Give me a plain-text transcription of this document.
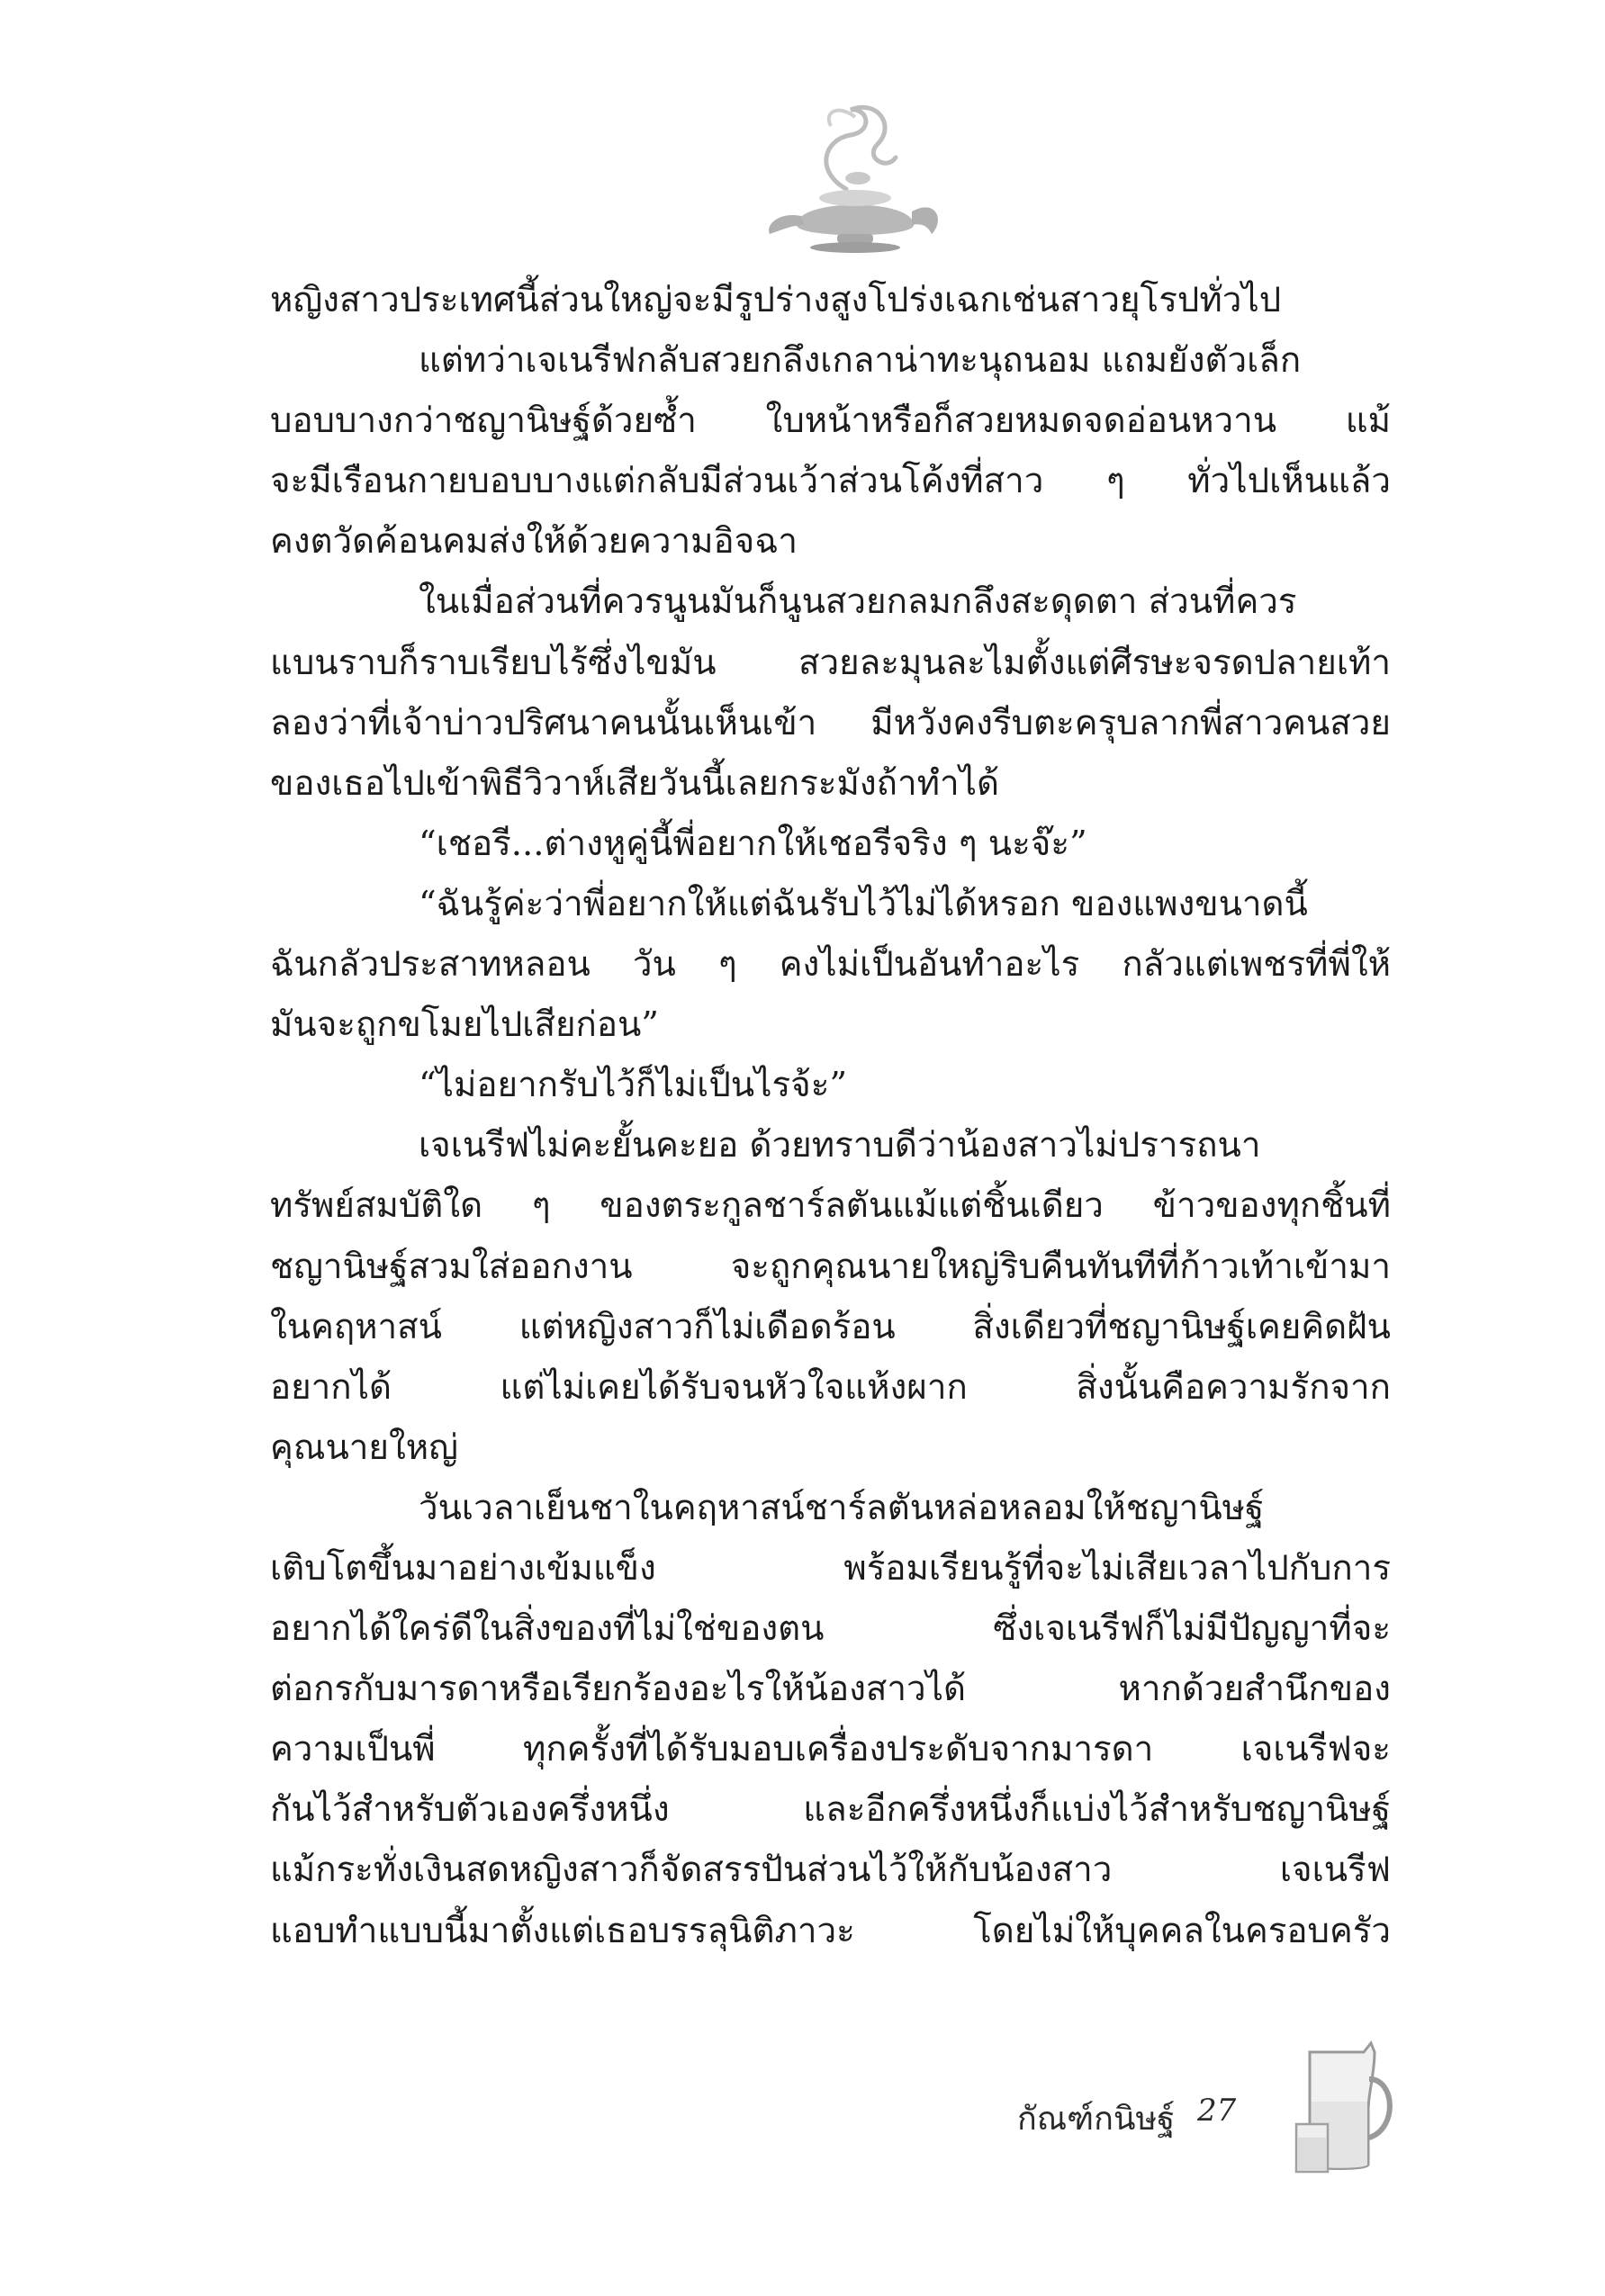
หญิงสาวประเทศนี้ส่วนใหญ่จะมีรูปร่างสูงโปร่งเฉกเช่นสาวยุโรปทั่วไป
แต่ทว่าเจเนรีฟกลับสวยกลึงเกลาน่าทะนุถนอม แถมยังตัวเล็ก
บอบบางกว่าชญานิษฐ์ด้วยซ้ำ ใบหน้าหรือก็สวยหมดจดอ่อนหวาน แม้
จะมีเรือนกายบอบบางแต่กลับมีส่วนเว้าส่วนโค้งที่สาว ๆ ทั่วไปเห็นแล้ว
คงตวัดค้อนคมส่งให้ด้วยความอิจฉา
ในเมื่อส่วนที่ควรนูนมันก็นูนสวยกลมกลึงสะดุดตา ส่วนที่ควร
แบนราบก็ราบเรียบไร้ซึ่งไขมัน สวยละมุนละไมตั้งแต่ศีรษะจรดปลายเท้า
ลองว่าที่เจ้าบ่าวปริศนาคนนั้นเห็นเข้า มีหวังคงรีบตะครุบลากพี่สาวคนสวย
ของเธอไปเข้าพิธีวิวาห์เสียวันนี้เลยกระมังถ้าทำได้
“เชอรี...ต่างหูคู่นี้พี่อยากให้เชอรีจริง ๆ นะจ๊ะ”
“ฉันรู้ค่ะว่าพี่อยากให้แต่ฉันรับไว้ไม่ได้หรอก ของแพงขนาดนี้
ฉันกลัวประสาทหลอน วัน ๆ คงไม่เป็นอันทำอะไร กลัวแต่เพชรที่พี่ให้
มันจะถูกขโมยไปเสียก่อน”
“ไม่อยากรับไว้ก็ไม่เป็นไรจ้ะ”
เจเนรีฟไม่คะยั้นคะยอ ด้วยทราบดีว่าน้องสาวไม่ปรารถนา
ทรัพย์สมบัติใด ๆ ของตระกูลชาร์ลตันแม้แต่ชิ้นเดียว ข้าวของทุกชิ้นที่
ชญานิษฐ์สวมใส่ออกงาน จะถูกคุณนายใหญ่ริบคืนทันทีที่ก้าวเท้าเข้ามา
ในคฤหาสน์ แต่หญิงสาวก็ไม่เดือดร้อน สิ่งเดียวที่ชญานิษฐ์เคยคิดฝัน
อยากได้ แต่ไม่เคยได้รับจนหัวใจแห้งผาก สิ่งนั้นคือความรักจาก
คุณนายใหญ่
วันเวลาเย็นชาในคฤหาสน์ชาร์ลตันหล่อหลอมให้ชญานิษฐ์
เติบโตขึ้นมาอย่างเข้มแข็ง พร้อมเรียนรู้ที่จะไม่เสียเวลาไปกับการ
อยากได้ใคร่ดีในสิ่งของที่ไม่ใช่ของตน ซึ่งเจเนรีฟก็ไม่มีปัญญาที่จะ
ต่อกรกับมารดาหรือเรียกร้องอะไรให้น้องสาวได้ หากด้วยสำนึกของ
ความเป็นพี่ ทุกครั้งที่ได้รับมอบเครื่องประดับจากมารดา เจเนรีฟจะ
กันไว้สำหรับตัวเองครึ่งหนึ่ง และอีกครึ่งหนึ่งก็แบ่งไว้สำหรับชญานิษฐ์
แม้กระทั่งเงินสดหญิงสาวก็จัดสรรปันส่วนไว้ให้กับน้องสาว เจเนรีฟ
แอบทำแบบนี้มาตั้งแต่เธอบรรลุนิติภาวะ โดยไม่ให้บุคคลในครอบครัว
กัณฑ์กนิษฐ์ 27
